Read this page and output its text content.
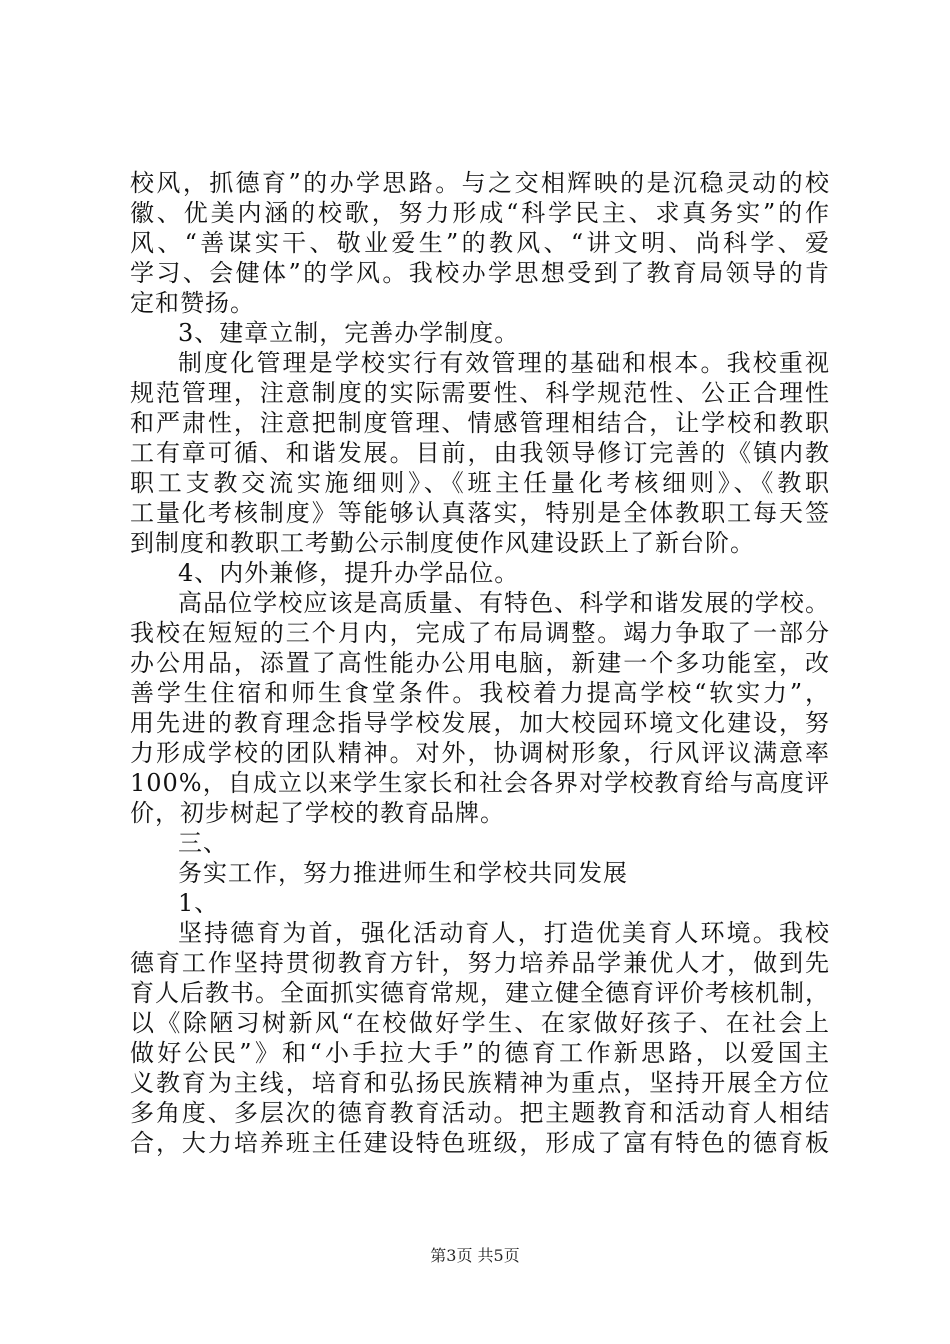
校风，抓德育”的办学思路。与之交相辉映的是沉稳灵动的校
徽、优美内涵的校歌，努力形成“科学民主、求真务实”的作
风、“善谋实干、敬业爱生”的教风、“讲文明、尚科学、爱
学习、会健体”的学风。我校办学思想受到了教育局领导的肯
定和赞扬。
3、建章立制，完善办学制度。
制度化管理是学校实行有效管理的基础和根本。我校重视
规范管理，注意制度的实际需要性、科学规范性、公正合理性
和严肃性，注意把制度管理、情感管理相结合，让学校和教职
工有章可循、和谐发展。目前，由我领导修订完善的《镇内教
职工支教交流实施细则》、《班主任量化考核细则》、《教职
工量化考核制度》等能够认真落实，特别是全体教职工每天签
到制度和教职工考勤公示制度使作风建设跃上了新台阶。
4、内外兼修，提升办学品位。
高品位学校应该是高质量、有特色、科学和谐发展的学校。
我校在短短的三个月内，完成了布局调整。竭力争取了一部分
办公用品，添置了高性能办公用电脑，新建一个多功能室，改
善学生住宿和师生食堂条件。我校着力提高学校“软实力”，
用先进的教育理念指导学校发展，加大校园环境文化建设，努
力形成学校的团队精神。对外，协调树形象，行风评议满意率
100%，自成立以来学生家长和社会各界对学校教育给与高度评
价，初步树起了学校的教育品牌。
三、
务实工作，努力推进师生和学校共同发展
1、
坚持德育为首，强化活动育人，打造优美育人环境。我校
德育工作坚持贯彻教育方针，努力培养品学兼优人才，做到先
育人后教书。全面抓实德育常规，建立健全德育评价考核机制，
以《除陋习树新风“在校做好学生、在家做好孩子、在社会上
做好公民”》和“小手拉大手”的德育工作新思路，以爱国主
义教育为主线，培育和弘扬民族精神为重点，坚持开展全方位
多角度、多层次的德育教育活动。把主题教育和活动育人相结
合，大力培养班主任建设特色班级，形成了富有特色的德育板
第3页 共5页
